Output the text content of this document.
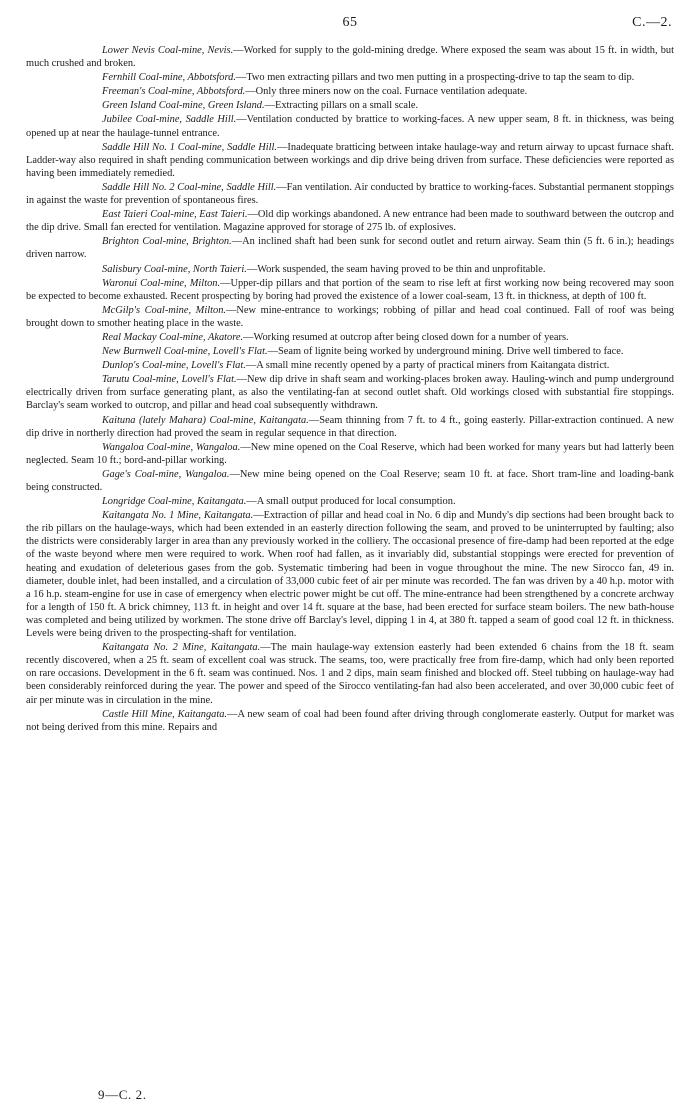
65	C.—2.

Lower Nevis Coal-mine, Nevis.—Worked for supply to the gold-mining dredge. Where exposed the seam was about 15 ft. in width, but much crushed and broken.

Fernhill Coal-mine, Abbotsford.—Two men extracting pillars and two men putting in a prospecting-drive to tap the seam to dip.

Freeman's Coal-mine, Abbotsford.—Only three miners now on the coal. Furnace ventilation adequate.

Green Island Coal-mine, Green Island.—Extracting pillars on a small scale.

Jubilee Coal-mine, Saddle Hill.—Ventilation conducted by brattice to working-faces. A new upper seam, 8 ft. in thickness, was being opened up at near the haulage-tunnel entrance.

Saddle Hill No. 1 Coal-mine, Saddle Hill.—Inadequate bratticing between intake haulage-way and return airway to upcast furnace shaft. Ladder-way also required in shaft pending communication between workings and dip drive being driven from surface. These deficiencies were reported as having been immediately remedied.

Saddle Hill No. 2 Coal-mine, Saddle Hill.—Fan ventilation. Air conducted by brattice to working-faces. Substantial permanent stoppings in against the waste for prevention of spontaneous fires.

East Taieri Coal-mine, East Taieri.—Old dip workings abandoned. A new entrance had been made to southward between the outcrop and the dip drive. Small fan erected for ventilation. Magazine approved for storage of 275 lb. of explosives.

Brighton Coal-mine, Brighton.—An inclined shaft had been sunk for second outlet and return airway. Seam thin (5 ft. 6 in.); headings driven narrow.

Salisbury Coal-mine, North Taieri.—Work suspended, the seam having proved to be thin and unprofitable.

Waronui Coal-mine, Milton.—Upper-dip pillars and that portion of the seam to rise left at first working now being recovered may soon be expected to become exhausted. Recent prospecting by boring had proved the existence of a lower coal-seam, 13 ft. in thickness, at depth of 100 ft.

McGilp's Coal-mine, Milton.—New mine-entrance to workings; robbing of pillar and head coal continued. Fall of roof was being brought down to smother heating place in the waste.

Real Mackay Coal-mine, Akatore.—Working resumed at outcrop after being closed down for a number of years.

New Burnwell Coal-mine, Lovell's Flat.—Seam of lignite being worked by underground mining. Drive well timbered to face.

Dunlop's Coal-mine, Lovell's Flat.—A small mine recently opened by a party of practical miners from Kaitangata district.

Tarutu Coal-mine, Lovell's Flat.—New dip drive in shaft seam and working-places broken away. Hauling-winch and pump underground electrically driven from surface generating plant, as also the ventilating-fan at second outlet shaft. Old workings closed with substantial fire stoppings. Barclay's seam worked to outcrop, and pillar and head coal subsequently withdrawn.

Kaituna (lately Mahara) Coal-mine, Kaitangata.—Seam thinning from 7 ft. to 4 ft., going easterly. Pillar-extraction continued. A new dip drive in northerly direction had proved the seam in regular sequence in that direction.

Wangaloa Coal-mine, Wangaloa.—New mine opened on the Coal Reserve, which had been worked for many years but had latterly been neglected. Seam 10 ft.; bord-and-pillar working.

Gage's Coal-mine, Wangaloa.—New mine being opened on the Coal Reserve; seam 10 ft. at face. Short tram-line and loading-bank being constructed.

Longridge Coal-mine, Kaitangata.—A small output produced for local consumption.

Kaitangata No. 1 Mine, Kaitangata.—Extraction of pillar and head coal in No. 6 dip and Mundy's dip sections had been brought back to the rib pillars on the haulage-ways, which had been extended in an easterly direction following the seam, and proved to be uninterrupted by faulting; also the districts were considerably larger in area than any previously worked in the colliery. The occasional presence of fire-damp had been reported at the edge of the waste beyond where men were required to work. When roof had fallen, as it invariably did, substantial stoppings were erected for prevention of heating and exudation of deleterious gases from the gob. Systematic timbering had been in vogue throughout the mine. The new Sirocco fan, 49 in. diameter, double inlet, had been installed, and a circulation of 33,000 cubic feet of air per minute was recorded. The fan was driven by a 40 h.p. motor with a 16 h.p. steam-engine for use in case of emergency when electric power might be cut off. The mine-entrance had been strengthened by a concrete archway for a length of 150 ft. A brick chimney, 113 ft. in height and over 14 ft. square at the base, had been erected for surface steam boilers. The new bath-house was completed and being utilized by workmen. The stone drive off Barclay's level, dipping 1 in 4, at 380 ft. tapped a seam of good coal 12 ft. in thickness. Levels were being driven to the prospecting-shaft for ventilation.

Kaitangata No. 2 Mine, Kaitangata.—The main haulage-way extension easterly had been extended 6 chains from the 18 ft. seam recently discovered, when a 25 ft. seam of excellent coal was struck. The seams, too, were practically free from fire-damp, which had only been reported on rare occasions. Development in the 6 ft. seam was continued. Nos. 1 and 2 dips, main seam finished and blocked off. Steel tubbing on haulage-way had been considerably reinforced during the year. The power and speed of the Sirocco ventilating-fan had also been accelerated, and over 30,000 cubic feet of air per minute was in circulation in the mine.

Castle Hill Mine, Kaitangata.—A new seam of coal had been found after driving through conglomerate easterly. Output for market was not being derived from this mine. Repairs and

9—C. 2.
